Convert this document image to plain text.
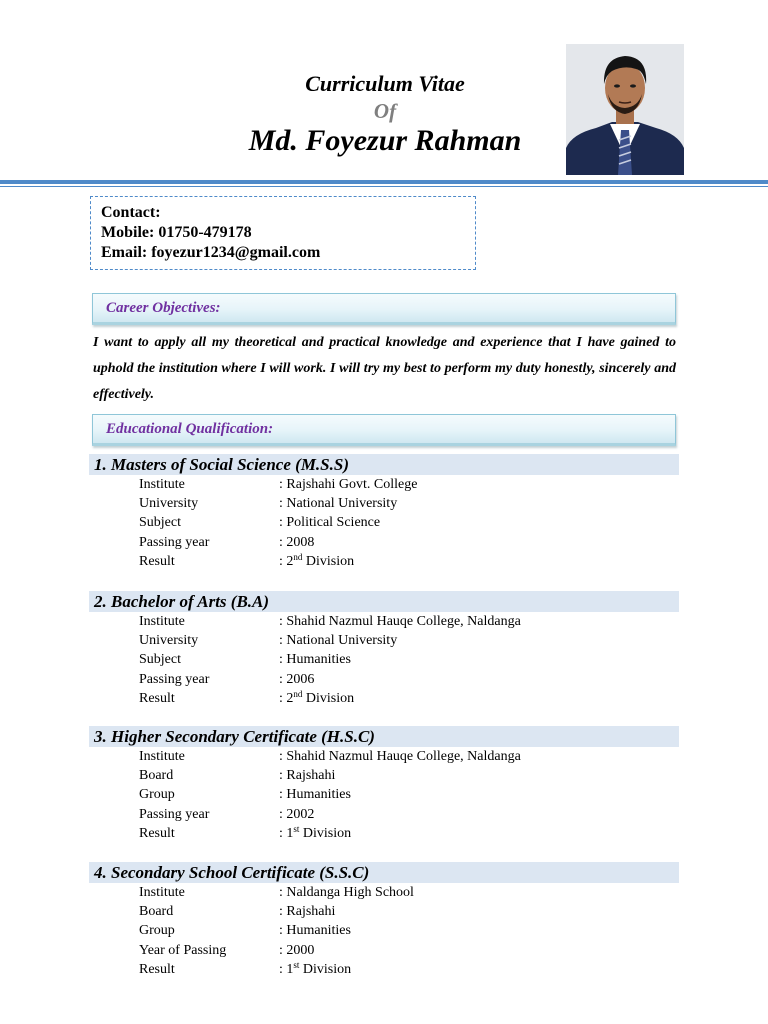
Curriculum Vitae
Of
Md. Foyezur Rahman
Contact:
Mobile: 01750-479178
Email: foyezur1234@gmail.com
Career Objectives:
I want to apply all my theoretical and practical knowledge and experience that I have gained to uphold the institution where I will work. I will try my best to perform my duty honestly, sincerely and effectively.
Educational Qualification:
1. Masters of Social Science (M.S.S)
Institute	: Rajshahi Govt. College
University	: National University
Subject	: Political Science
Passing year	: 2008
Result	: 2nd Division
2. Bachelor of Arts (B.A)
Institute	: Shahid Nazmul Hauqe College, Naldanga
University	: National University
Subject	: Humanities
Passing year	: 2006
Result	: 2nd Division
3. Higher Secondary Certificate (H.S.C)
Institute	: Shahid Nazmul Hauqe College, Naldanga
Board	: Rajshahi
Group	: Humanities
Passing year	: 2002
Result	: 1st Division
4. Secondary School Certificate (S.S.C)
Institute	: Naldanga High School
Board	: Rajshahi
Group	: Humanities
Year of Passing	: 2000
Result	: 1st Division
